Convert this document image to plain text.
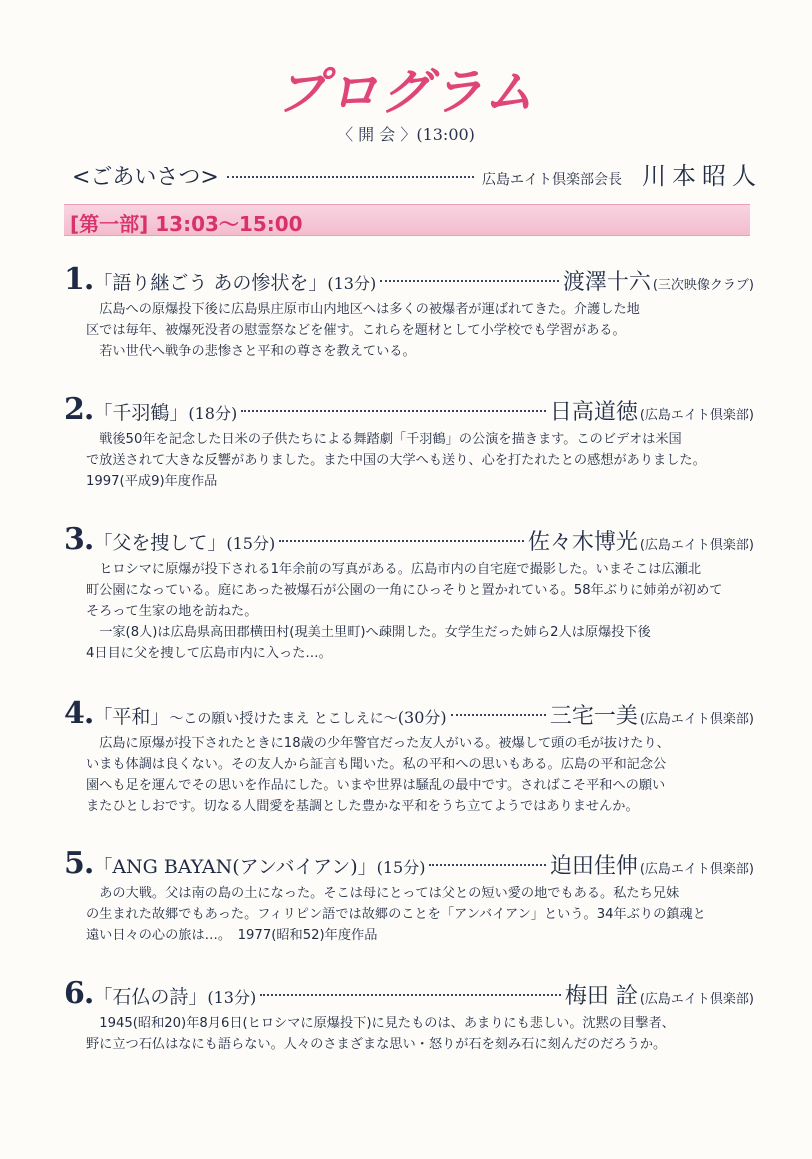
プログラム
〈 開 会 〉(13:00)
<ごあいさつ>	広島エイト倶楽部会長 川本昭人
[第一部] 13:03〜15:00
1. 「語り継ごう あの惨状を」 (13分)	渡澤十六 (三次映像クラブ)

広島への原爆投下後に広島県庄原市山内地区へは多くの被爆者が運ばれてきた。介護した地

区では毎年、被爆死没者の慰霊祭などを催す。これらを題材として小学校でも学習がある。

若い世代へ戦争の悲惨さと平和の尊さを教えている。

2. 「千羽鶴」 (18分)	日高道徳 (広島エイト倶楽部)

戦後50年を記念した日米の子供たちによる舞踏劇「千羽鶴」の公演を描きます。このビデオは米国

で放送されて大きな反響がありました。また中国の大学へも送り、心を打たれたとの感想がありました。

1997(平成9)年度作品

3. 「父を捜して」 (15分)	佐々木博光 (広島エイト倶楽部)

ヒロシマに原爆が投下される1年余前の写真がある。広島市内の自宅庭で撮影した。いまそこは広瀬北

町公園になっている。庭にあった被爆石が公園の一角にひっそりと置かれている。58年ぶりに姉弟が初めて

そろって生家の地を訪ねた。

一家(8人)は広島県高田郡横田村(現美土里町)へ疎開した。女学生だった姉ら2人は原爆投下後

4日目に父を捜して広島市内に入った…。

4. 「平和」 〜この願い授けたまえ とこしえに〜 (30分)	三宅一美 (広島エイト倶楽部)

広島に原爆が投下されたときに18歳の少年警官だった友人がいる。被爆して頭の毛が抜けたり、

いまも体調は良くない。その友人から証言も聞いた。私の平和への思いもある。広島の平和記念公

園へも足を運んでその思いを作品にした。いまや世界は騒乱の最中です。さればこそ平和への願い

またひとしおです。切なる人間愛を基調とした豊かな平和をうち立てようではありませんか。

5. 「ANG BAYAN(アンバイアン)」 (15分)	迫田佳伸 (広島エイト倶楽部)

あの大戦。父は南の島の土になった。そこは母にとっては父との短い愛の地でもある。私たち兄妹

の生まれた故郷でもあった。フィリピン語では故郷のことを「アンバイアン」という。34年ぶりの鎮魂と

遠い日々の心の旅は…。　1977(昭和52)年度作品

6. 「石仏の詩」 (13分)	梅田 詮 (広島エイト倶楽部)

1945(昭和20)年8月6日(ヒロシマに原爆投下)に見たものは、あまりにも悲しい。沈黙の目撃者、

野に立つ石仏はなにも語らない。人々のさまざまな思い・怒りが石を刻み石に刻んだのだろうか。
